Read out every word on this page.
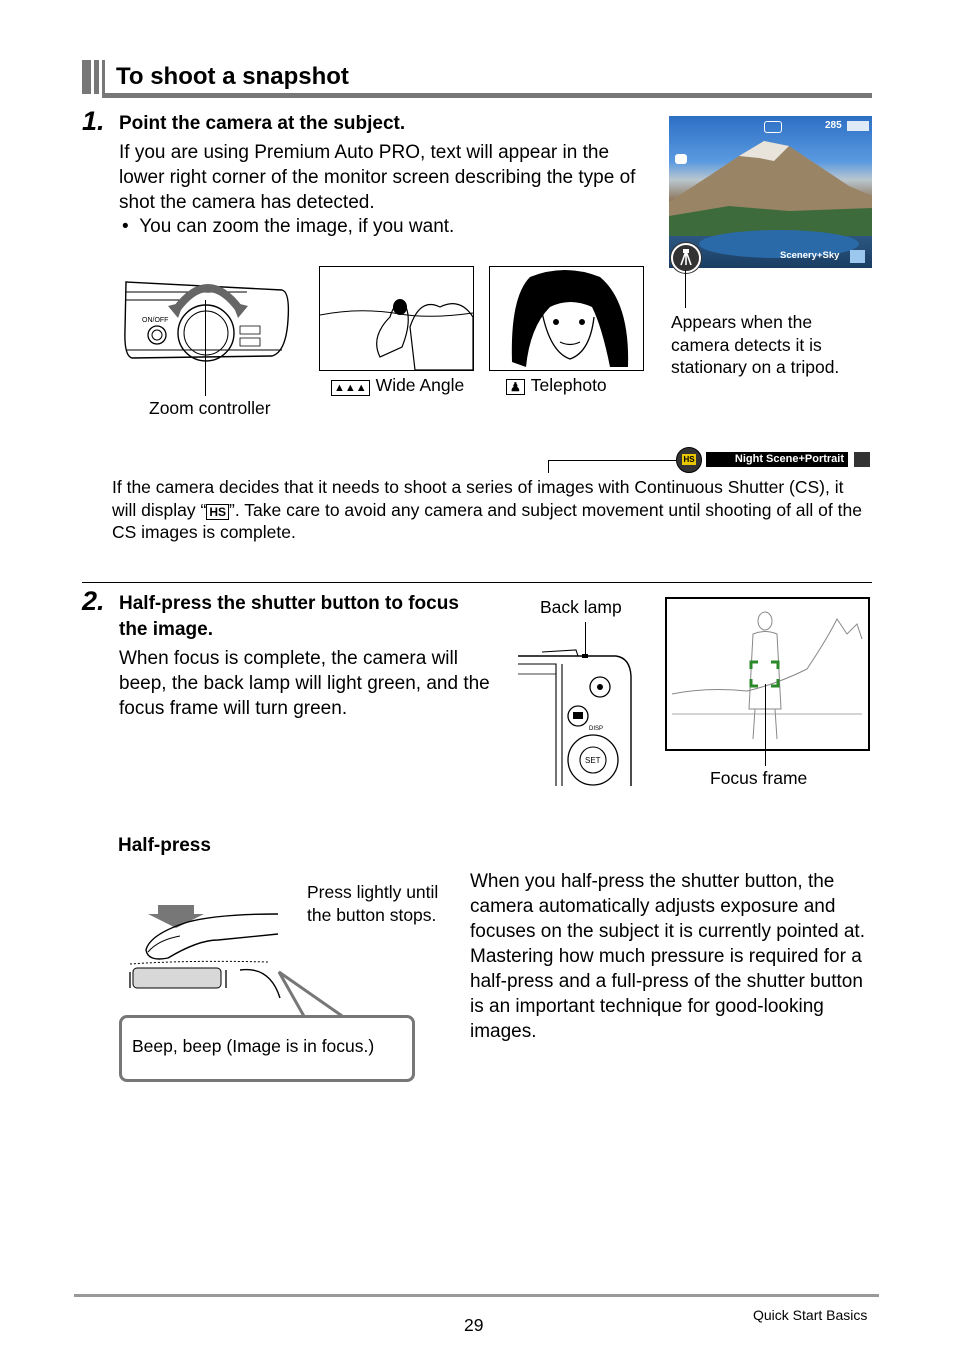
To shoot a snapshot
1. Point the camera at the subject.
If you are using Premium Auto PRO, text will appear in the lower right corner of the monitor screen describing the type of shot the camera has detected.
•  You can zoom the image, if you want.
285
Scenery+Sky
Appears when the camera detects it is stationary on a tripod.
ON/OFF
Zoom controller
▲▲▲ Wide Angle	♟ Telephoto
HS	Night Scene+Portrait
If the camera decides that it needs to shoot a series of images with Continuous Shutter (CS), it will display “ HS ”. Take care to avoid any camera and subject movement until shooting of all of the CS images is complete.
2. Half-press the shutter button to focus the image.
When focus is complete, the camera will beep, the back lamp will light green, and the focus frame will turn green.
Back lamp
DISP
SET
Focus frame
Half-press
Press lightly until the button stops.
Beep, beep (Image is in focus.)
When you half-press the shutter button, the camera automatically adjusts exposure and focuses on the subject it is currently pointed at. Mastering how much pressure is required for a half-press and a full-press of the shutter button is an important technique for good-looking images.
29	Quick Start Basics
